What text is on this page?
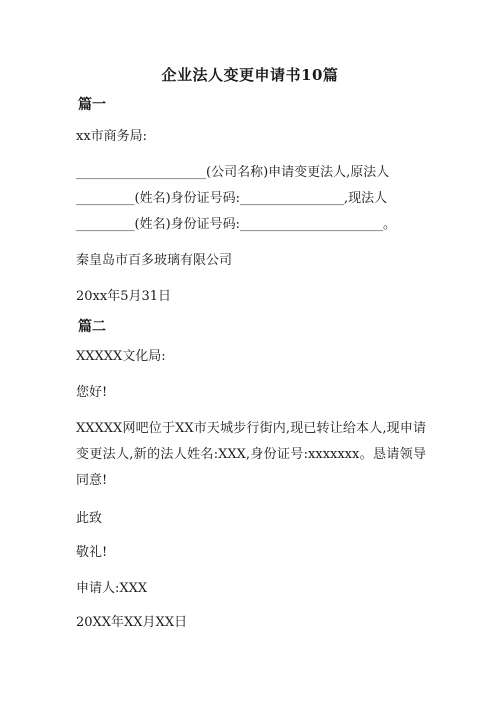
企业法人变更申请书10篇
篇一
xx市商务局:
____________________(公司名称)申请变更法人,原法人
_________(姓名)身份证号码:________________,现法人
_________(姓名)身份证号码:______________________。
秦皇岛市百多玻璃有限公司
20xx年5月31日
篇二
XXXXX文化局:
您好!
XXXXX网吧位于XX市天城步行街内,现已转让给本人,现申请变更法人,新的法人姓名:XXX,身份证号:xxxxxxx。恳请领导同意!
此致
敬礼!
申请人:XXX
20XX年XX月XX日
